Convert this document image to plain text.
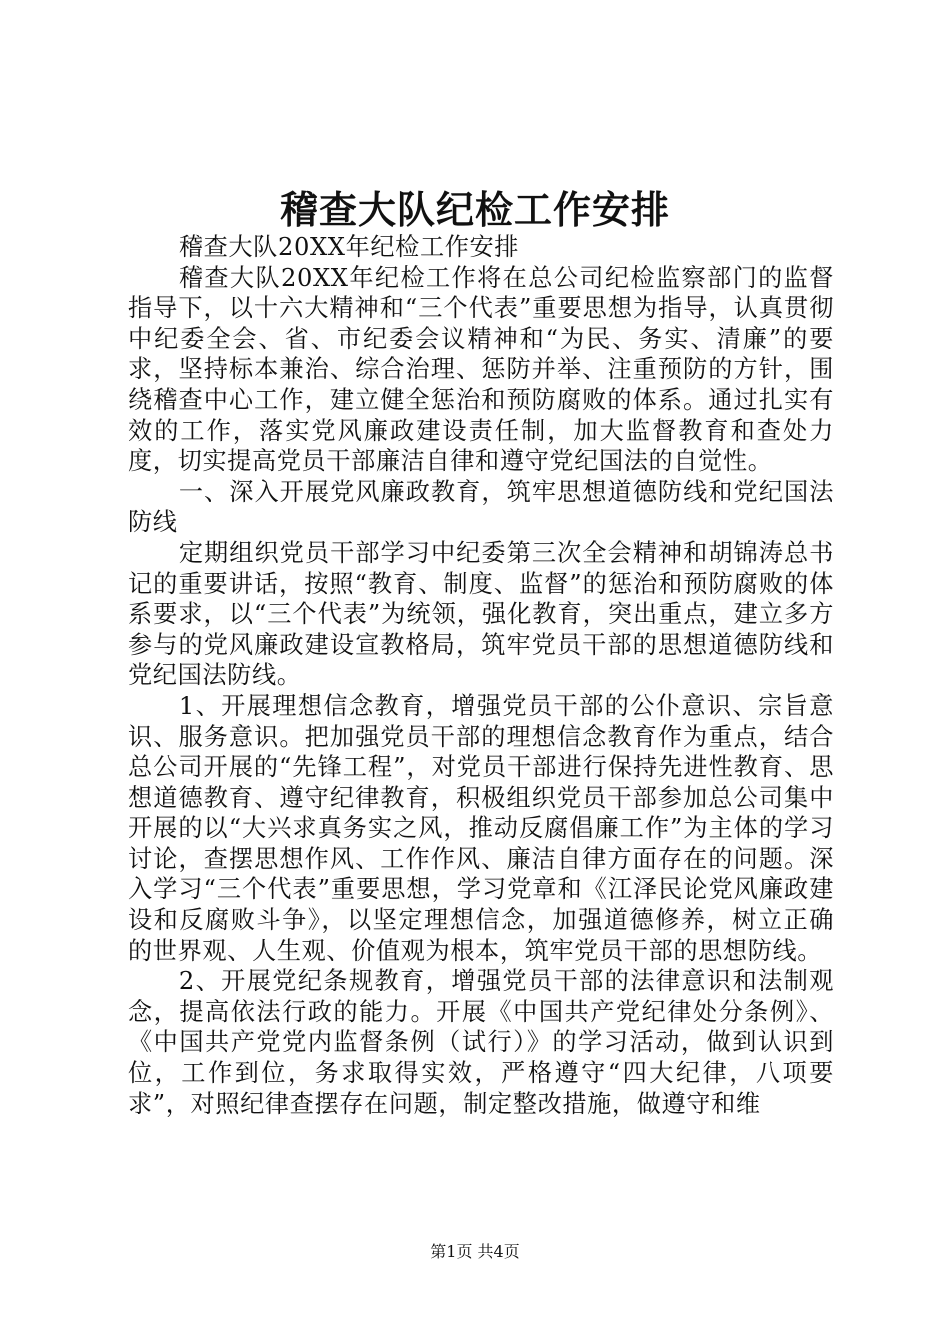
稽查大队纪检工作安排

稽查大队20XX年纪检工作安排

稽查大队20XX年纪检工作将在总公司纪检监察部门的监督指导下，以十六大精神和“三个代表”重要思想为指导，认真贯彻中纪委全会、省、市纪委会议精神和“为民、务实、清廉”的要求，坚持标本兼治、综合治理、惩防并举、注重预防的方针，围绕稽查中心工作，建立健全惩治和预防腐败的体系。通过扎实有效的工作，落实党风廉政建设责任制，加大监督教育和查处力度，切实提高党员干部廉洁自律和遵守党纪国法的自觉性。

一、深入开展党风廉政教育，筑牢思想道德防线和党纪国法防线

定期组织党员干部学习中纪委第三次全会精神和胡锦涛总书记的重要讲话，按照“教育、制度、监督”的惩治和预防腐败的体系要求，以“三个代表”为统领，强化教育，突出重点，建立多方参与的党风廉政建设宣教格局，筑牢党员干部的思想道德防线和党纪国法防线。

1、开展理想信念教育，增强党员干部的公仆意识、宗旨意识、服务意识。把加强党员干部的理想信念教育作为重点，结合总公司开展的“先锋工程”，对党员干部进行保持先进性教育、思想道德教育、遵守纪律教育，积极组织党员干部参加总公司集中开展的以“大兴求真务实之风，推动反腐倡廉工作”为主体的学习讨论，查摆思想作风、工作作风、廉洁自律方面存在的问题。深入学习“三个代表”重要思想，学习党章和《江泽民论党风廉政建设和反腐败斗争》，以坚定理想信念，加强道德修养，树立正确的世界观、人生观、价值观为根本，筑牢党员干部的思想防线。

2、开展党纪条规教育，增强党员干部的法律意识和法制观念，提高依法行政的能力。开展《中国共产党纪律处分条例》、《中国共产党党内监督条例（试行）》的学习活动，做到认识到位，工作到位，务求取得实效，严格遵守“四大纪律，八项要求”，对照纪律查摆存在问题，制定整改措施，做遵守和维

第1页 共4页
